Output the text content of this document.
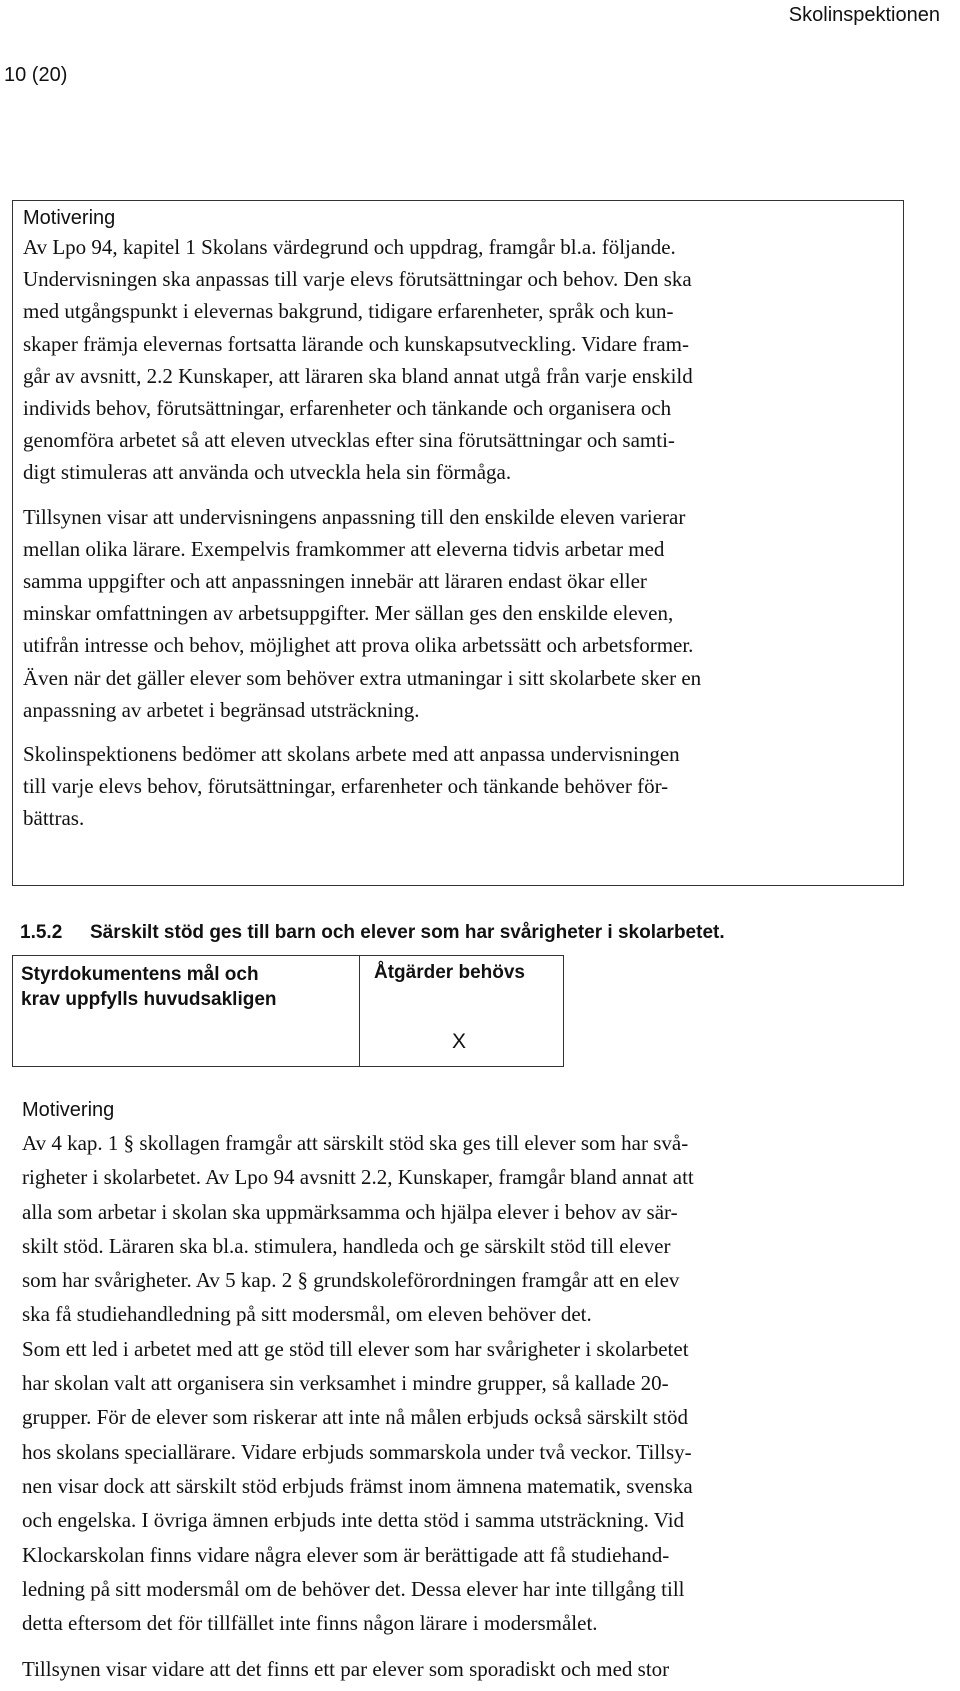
Skolinspektionen
10 (20)
Motivering
Av Lpo 94, kapitel 1 Skolans värdegrund och uppdrag, framgår bl.a. följande.
Undervisningen ska anpassas till varje elevs förutsättningar och behov. Den ska
med utgångspunkt i elevernas bakgrund, tidigare erfarenheter, språk och kun-
skaper främja elevernas fortsatta lärande och kunskapsutveckling. Vidare fram-
går av avsnitt, 2.2 Kunskaper, att läraren ska bland annat utgå från varje enskild
individs behov, förutsättningar, erfarenheter och tänkande och organisera och
genomföra arbetet så att eleven utvecklas efter sina förutsättningar och samti-
digt stimuleras att använda och utveckla hela sin förmåga.
Tillsynen visar att undervisningens anpassning till den enskilde eleven varierar
mellan olika lärare. Exempelvis framkommer att eleverna tidvis arbetar med
samma uppgifter och att anpassningen innebär att läraren endast ökar eller
minskar omfattningen av arbetsuppgifter. Mer sällan ges den enskilde eleven,
utifrån intresse och behov, möjlighet att prova olika arbetssätt och arbetsformer.
Även när det gäller elever som behöver extra utmaningar i sitt skolarbete sker en
anpassning av arbetet i begränsad utsträckning.
Skolinspektionens bedömer att skolans arbete med att anpassa undervisningen
till varje elevs behov, förutsättningar, erfarenheter och tänkande behöver för-
bättras.
1.5.2 Särskilt stöd ges till barn och elever som har svårigheter i skolarbetet.
Styrdokumentens mål och
krav uppfylls huvudsakligen
Åtgärder behövs
X
Motivering
Av 4 kap. 1 § skollagen framgår att särskilt stöd ska ges till elever som har svå-
righeter i skolarbetet. Av Lpo 94 avsnitt 2.2, Kunskaper, framgår bland annat att
alla som arbetar i skolan ska uppmärksamma och hjälpa elever i behov av sär-
skilt stöd. Läraren ska bl.a. stimulera, handleda och ge särskilt stöd till elever
som har svårigheter. Av 5 kap. 2 § grundskoleförordningen framgår att en elev
ska få studiehandledning på sitt modersmål, om eleven behöver det.
Som ett led i arbetet med att ge stöd till elever som har svårigheter i skolarbetet
har skolan valt att organisera sin verksamhet i mindre grupper, så kallade 20-
grupper. För de elever som riskerar att inte nå målen erbjuds också särskilt stöd
hos skolans speciallärare. Vidare erbjuds sommarskola under två veckor. Tillsy-
nen visar dock att särskilt stöd erbjuds främst inom ämnena matematik, svenska
och engelska. I övriga ämnen erbjuds inte detta stöd i samma utsträckning. Vid
Klockarskolan finns vidare några elever som är berättigade att få studiehand-
ledning på sitt modersmål om de behöver det. Dessa elever har inte tillgång till
detta eftersom det för tillfället inte finns någon lärare i modersmålet.
Tillsynen visar vidare att det finns ett par elever som sporadiskt och med stor
